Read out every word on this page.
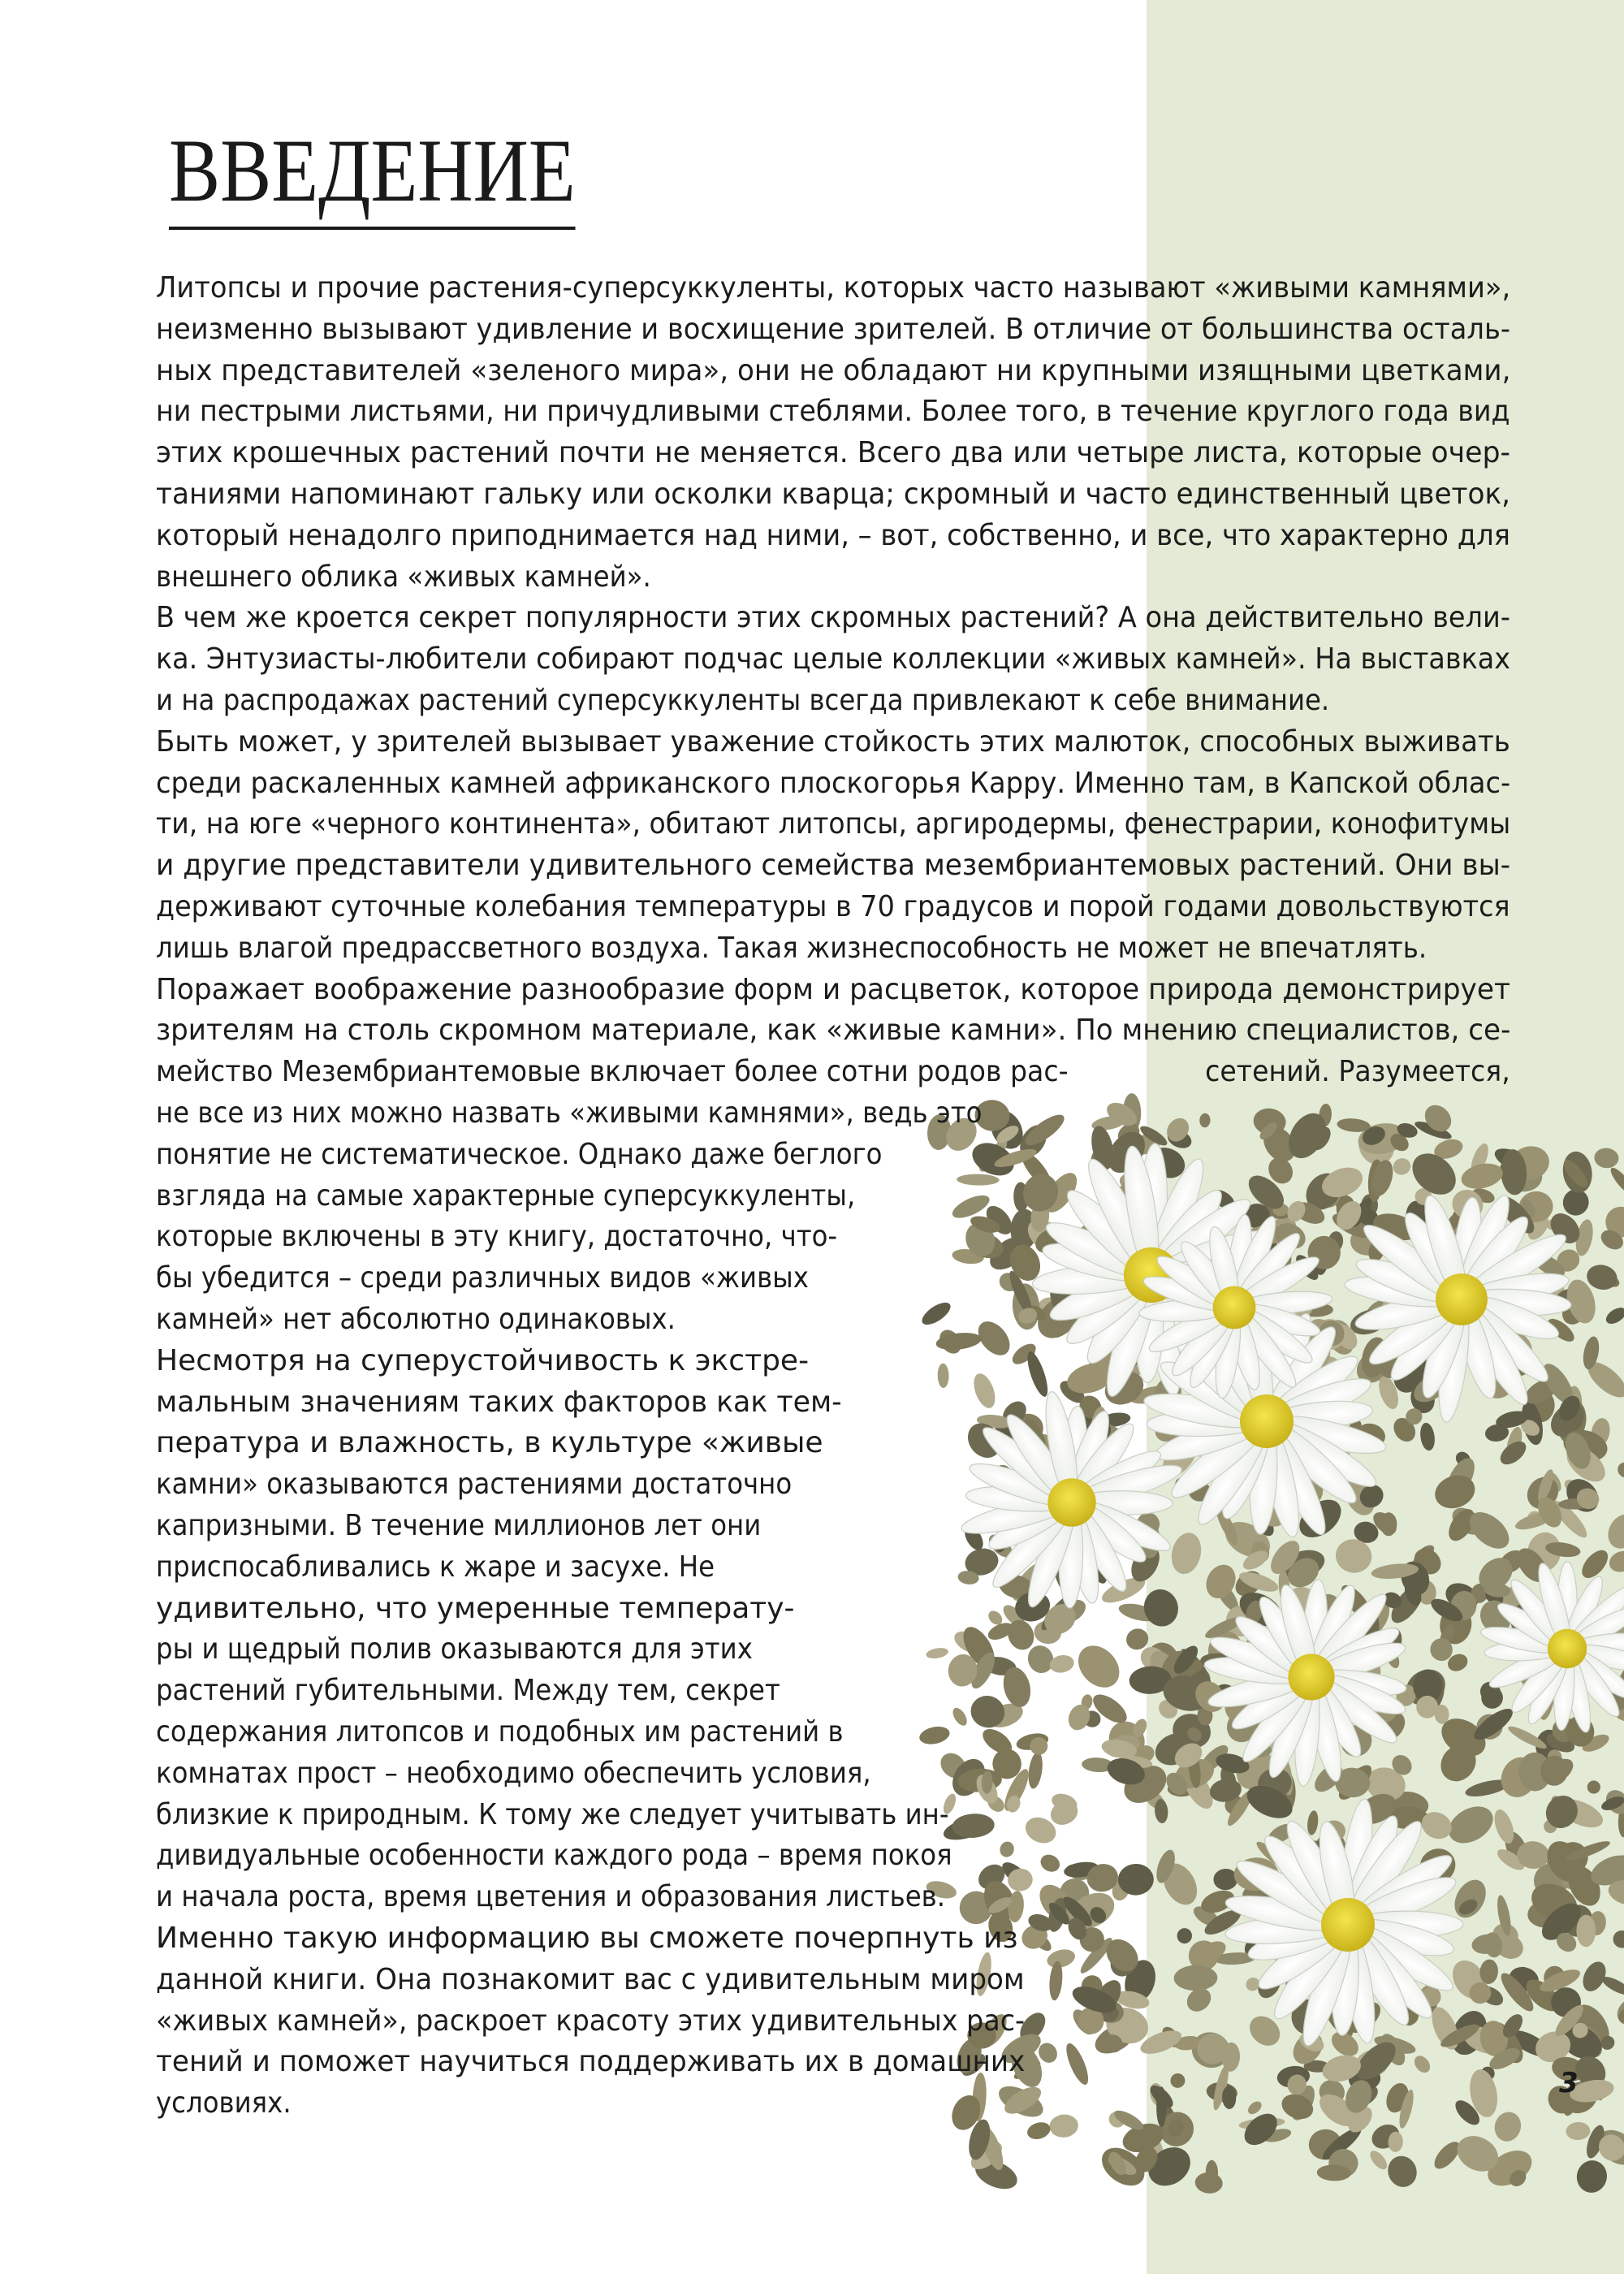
ВВЕДЕНИЕ
Литопсы и прочие растения-суперсуккуленты, которых часто называют «живыми камнями»,
неизменно вызывают удивление и восхищение зрителей. В отличие от большинства осталь-
ных представителей «зеленого мира», они не обладают ни крупными изящными цветками,
ни пестрыми листьями, ни причудливыми стеблями. Более того, в течение круглого года вид
этих крошечных растений почти не меняется. Всего два или четыре листа, которые очер-
таниями напоминают гальку или осколки кварца; скромный и часто единственный цветок,
который ненадолго приподнимается над ними, – вот, собственно, и все, что характерно для
внешнего облика «живых камней».
В чем же кроется секрет популярности этих скромных растений? А она действительно вели-
ка. Энтузиасты-любители собирают подчас целые коллекции «живых камней». На выставках
и на распродажах растений суперсуккуленты всегда привлекают к себе внимание.
Быть может, у зрителей вызывает уважение стойкость этих малюток, способных выживать
среди раскаленных камней африканского плоскогорья Карру. Именно там, в Капской облас-
ти, на юге «черного континента», обитают литопсы, аргиродермы, фенестрарии, конофитумы
и другие представители удивительного семейства мезембриантемовых растений. Они вы-
держивают суточные колебания температуры в 70 градусов и порой годами довольствуются
лишь влагой предрассветного воздуха. Такая жизнеспособность не может не впечатлять.
Поражает воображение разнообразие форм и расцветок, которое природа демонстрирует
зрителям на столь скромном материале, как «живые камни». По мнению специалистов, се-
мейство Мезембриантемовые включает более сотни родов рас-                сетений. Разумеется,
не все из них можно назвать «живыми камнями», ведь это
понятие не систематическое. Однако даже беглого
взгляда на самые характерные суперсуккуленты,
которые включены в эту книгу, достаточно, что-
бы убедится – среди различных видов «живых
камней» нет абсолютно одинаковых.
Несмотря на суперустойчивость к экстре-
мальным значениям таких факторов как тем-
пература и влажность, в культуре «живые
камни» оказываются растениями достаточно
капризными. В течение миллионов лет они
приспосабливались к жаре и засухе. Не
удивительно, что умеренные температу-
ры и щедрый полив оказываются для этих
растений губительными. Между тем, секрет
содержания литопсов и подобных им растений в
комнатах прост – необходимо обеспечить условия,
близкие к природным. К тому же следует учитывать ин-
дивидуальные особенности каждого рода – время покоя
и начала роста, время цветения и образования листьев.
Именно такую информацию вы сможете почерпнуть из
данной книги. Она познакомит вас с удивительным миром
«живых камней», раскроет красоту этих удивительных рас-
тений и поможет научиться поддерживать их в домашних
условиях.
3
